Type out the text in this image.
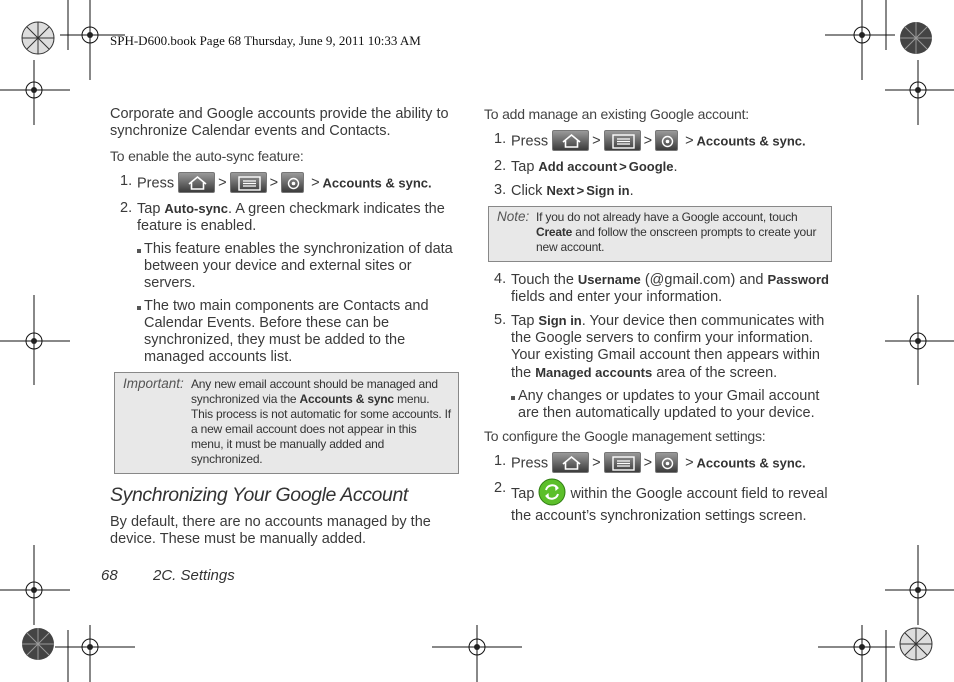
SPH-D600.book Page 68 Thursday, June 9, 2011 10:33 AM

Corporate and Google accounts provide the ability to synchronize Calendar events and Contacts.

To enable the auto-sync feature:

1. Press	>	> > Accounts & sync.
2. Tap Auto-sync. A green checkmark indicates the feature is enabled.
This feature enables the synchronization of data between your device and external sites or servers.
The two main components are Contacts and Calendar Events. Before these can be synchronized, they must be added to the managed accounts list.
Important: Any new email account should be managed and synchronized via the Accounts & sync menu. This process is not automatic for some accounts. If a new email account does not appear in this menu, it must be manually added and synchronized.
Synchronizing Your Google Account

By default, there are no accounts managed by the device. These must be manually added.

To add manage an existing Google account:

1. Press	>	> > Accounts & sync.
2. Tap Add account > Google.
3. Click Next > Sign in.
Note: If you do not already have a Google account, touch Create and follow the onscreen prompts to create your new account.
4. Touch the Username (@gmail.com) and Password fields and enter your information.
5. Tap Sign in. Your device then communicates with the Google servers to confirm your information. Your existing Gmail account then appears within the Managed accounts area of the screen.
Any changes or updates to your Gmail account are then automatically updated to your device.

To configure the Google management settings:

1. Press	>	> > Accounts & sync.
2. Tap within the Google account field to reveal the account’s synchronization settings screen.
68 2C. Settings
